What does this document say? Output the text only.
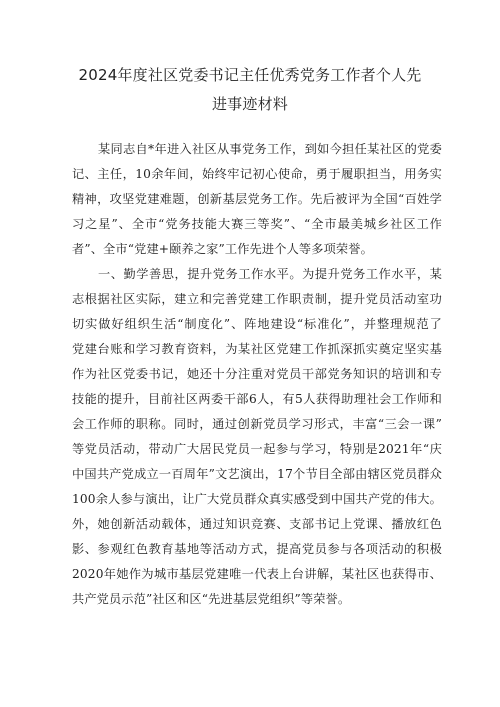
2024年度社区党委书记主任优秀党务工作者个人先
进事迹材料
某同志自*年进入社区从事党务工作，到如今担任某社区的党委
记、主任，10余年间，始终牢记初心使命，勇于履职担当，用务实
精神，攻坚党建难题，创新基层党务工作。先后被评为全国“百姓学
习之星”、全市“党务技能大赛三等奖”、“全市最美城乡社区工作
者”、全市“党建+颐养之家”工作先进个人等多项荣誉。
一、勤学善思，提升党务工作水平。为提升党务工作水平，某
志根据社区实际，建立和完善党建工作职责制，提升党员活动室功
切实做好组织生活“制度化”、阵地建设“标准化”，并整理规范了
党建台账和学习教育资料，为某社区党建工作抓深抓实奠定坚实基
作为社区党委书记，她还十分注重对党员干部党务知识的培训和专
技能的提升，目前社区两委干部6人，有5人获得助理社会工作师和
会工作师的职称。同时，通过创新党员学习形式，丰富“三会一课”
等党员活动，带动广大居民党员一起参与学习，特别是2021年“庆
中国共产党成立一百周年”文艺演出，17个节目全部由辖区党员群众
100余人参与演出，让广大党员群众真实感受到中国共产党的伟大。
外，她创新活动载体，通过知识竞赛、支部书记上党课、播放红色
影、参观红色教育基地等活动方式，提高党员参与各项活动的积极
2020年她作为城市基层党建唯一代表上台讲解，某社区也获得市、
共产党员示范”社区和区“先进基层党组织”等荣誉。
